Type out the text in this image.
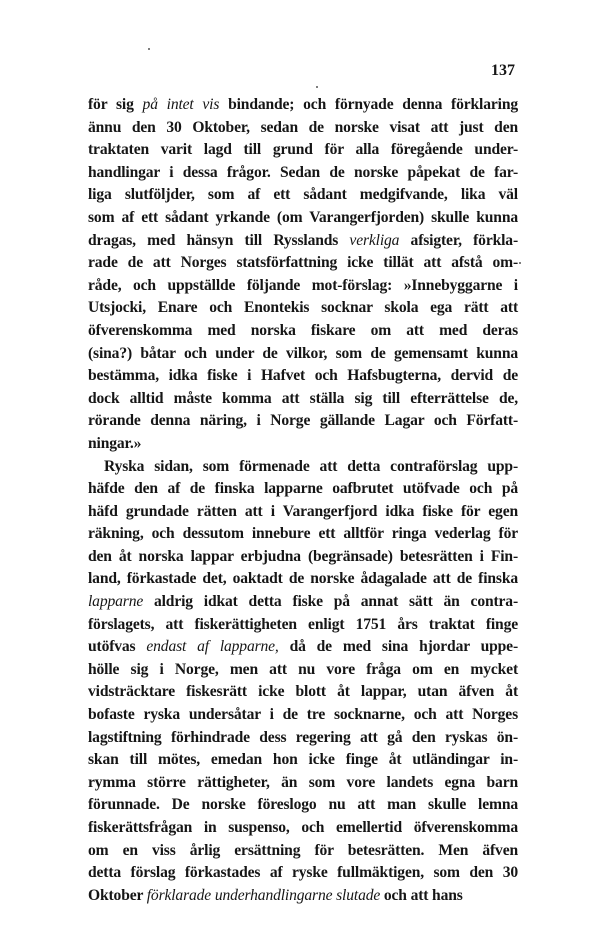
137
för sig på intet vis bindande; och förnyade denna förklaring
ännu den 30 Oktober, sedan de norske visat att just den
traktaten varit lagd till grund för alla föregående under-
handlingar i dessa frågor. Sedan de norske påpekat de far-
liga slutföljder, som af ett sådant medgifvande, lika väl
som af ett sådant yrkande (om Varangerfjorden) skulle kunna
dragas, med hänsyn till Rysslands verkliga afsigter, förkla-
rade de att Norges statsförfattning icke tillät att afstå om-
råde, och uppställde följande mot-förslag: »Innebyggarne i
Utsjocki, Enare och Enontekis socknar skola ega rätt att
öfverenskomma med norska fiskare om att med deras
(sina?) båtar och under de vilkor, som de gemensamt kunna
bestämma, idka fiske i Hafvet och Hafsbugterna, dervid de
dock alltid måste komma att ställa sig till efterrättelse de,
rörande denna näring, i Norge gällande Lagar och Författ-
ningar.»
Ryska sidan, som förmenade att detta contraförslag upp-
häfde den af de finska lapparne oafbrutet utöfvade och på
häfd grundade rätten att i Varangerfjord idka fiske för egen
räkning, och dessutom inneburе ett alltför ringa vederlag för
den åt norska lappar erbjudna (begränsade) betesrätten i Fin-
land, förkastade det, oaktadt de norske ådagalade att de finska
lapparne aldrig idkat detta fiske på annat sätt än contra-
förslagets, att fiskerättigheten enligt 1751 års traktat finge
utöfvas endast af lapparne, då de med sina hjordar uppe-
hölle sig i Norge, men att nu vore fråga om en mycket
vidsträcktare fiskesrätt icke blott åt lappar, utan äfven åt
bofaste ryska undersåtar i de tre socknarne, och att Norges
lagstiftning förhindrade dess regering att gå den ryskas ön-
skan till mötes, emedan hon icke finge åt utländingar in-
rymma större rättigheter, än som vore landets egna barn
förunnade. De norske föreslogo nu att man skulle lemna
fiskerättsfrågan in suspenso, och emellertid öfverenskomma
om en viss årlig ersättning för betesrätten. Men äfven
detta förslag förkastades af ryske fullmäktigen, som den 30
Oktober förklarade underhandlingarne slutade och att hans
